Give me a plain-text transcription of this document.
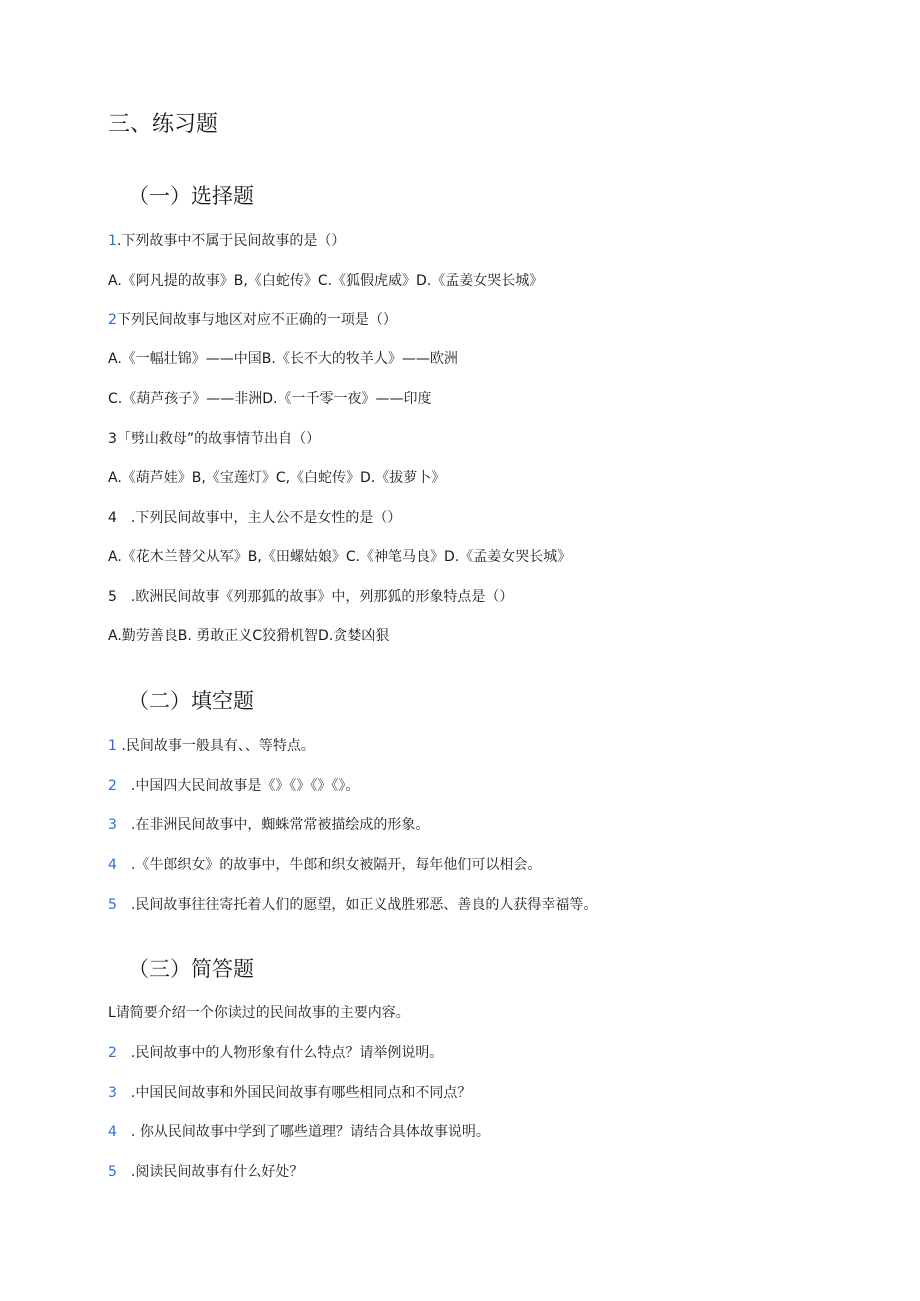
三、练习题
（一）选择题
1.下列故事中不属于民间故事的是（）
A.《阿凡提的故事》B,《白蛇传》C.《狐假虎威》D.《孟姜女哭长城》
2下列民间故事与地区对应不正确的一项是（）
A.《一幅壮锦》——中国B.《长不大的牧羊人》——欧洲
C.《葫芦孩子》——非洲D.《一千零一夜》——印度
3「劈山救母”的故事情节出自（）
A.《葫芦娃》B,《宝莲灯》C,《白蛇传》D.《拔萝卜》
4　.下列民间故事中，主人公不是女性的是（）
A.《花木兰替父从军》B,《田螺姑娘》C.《神笔马良》D.《孟姜女哭长城》
5　.欧洲民间故事《列那狐的故事》中，列那狐的形象特点是（）
A.勤劳善良B. 勇敢正义C狡猾机智D.贪婪凶狠
（二）填空题
1 .民间故事一般具有、、等特点。
2　.中国四大民间故事是《》《》《》《》。
3　.在非洲民间故事中，蜘蛛常常被描绘成的形象。
4　.《牛郎织女》的故事中，牛郎和织女被隔开，每年他们可以相会。
5　.民间故事往往寄托着人们的愿望，如正义战胜邪恶、善良的人获得幸福等。
（三）简答题
L请简要介绍一个你读过的民间故事的主要内容。
2　.民间故事中的人物形象有什么特点？请举例说明。
3　.中国民间故事和外国民间故事有哪些相同点和不同点？
4　. 你从民间故事中学到了哪些道理？请结合具体故事说明。
5　.阅读民间故事有什么好处？
